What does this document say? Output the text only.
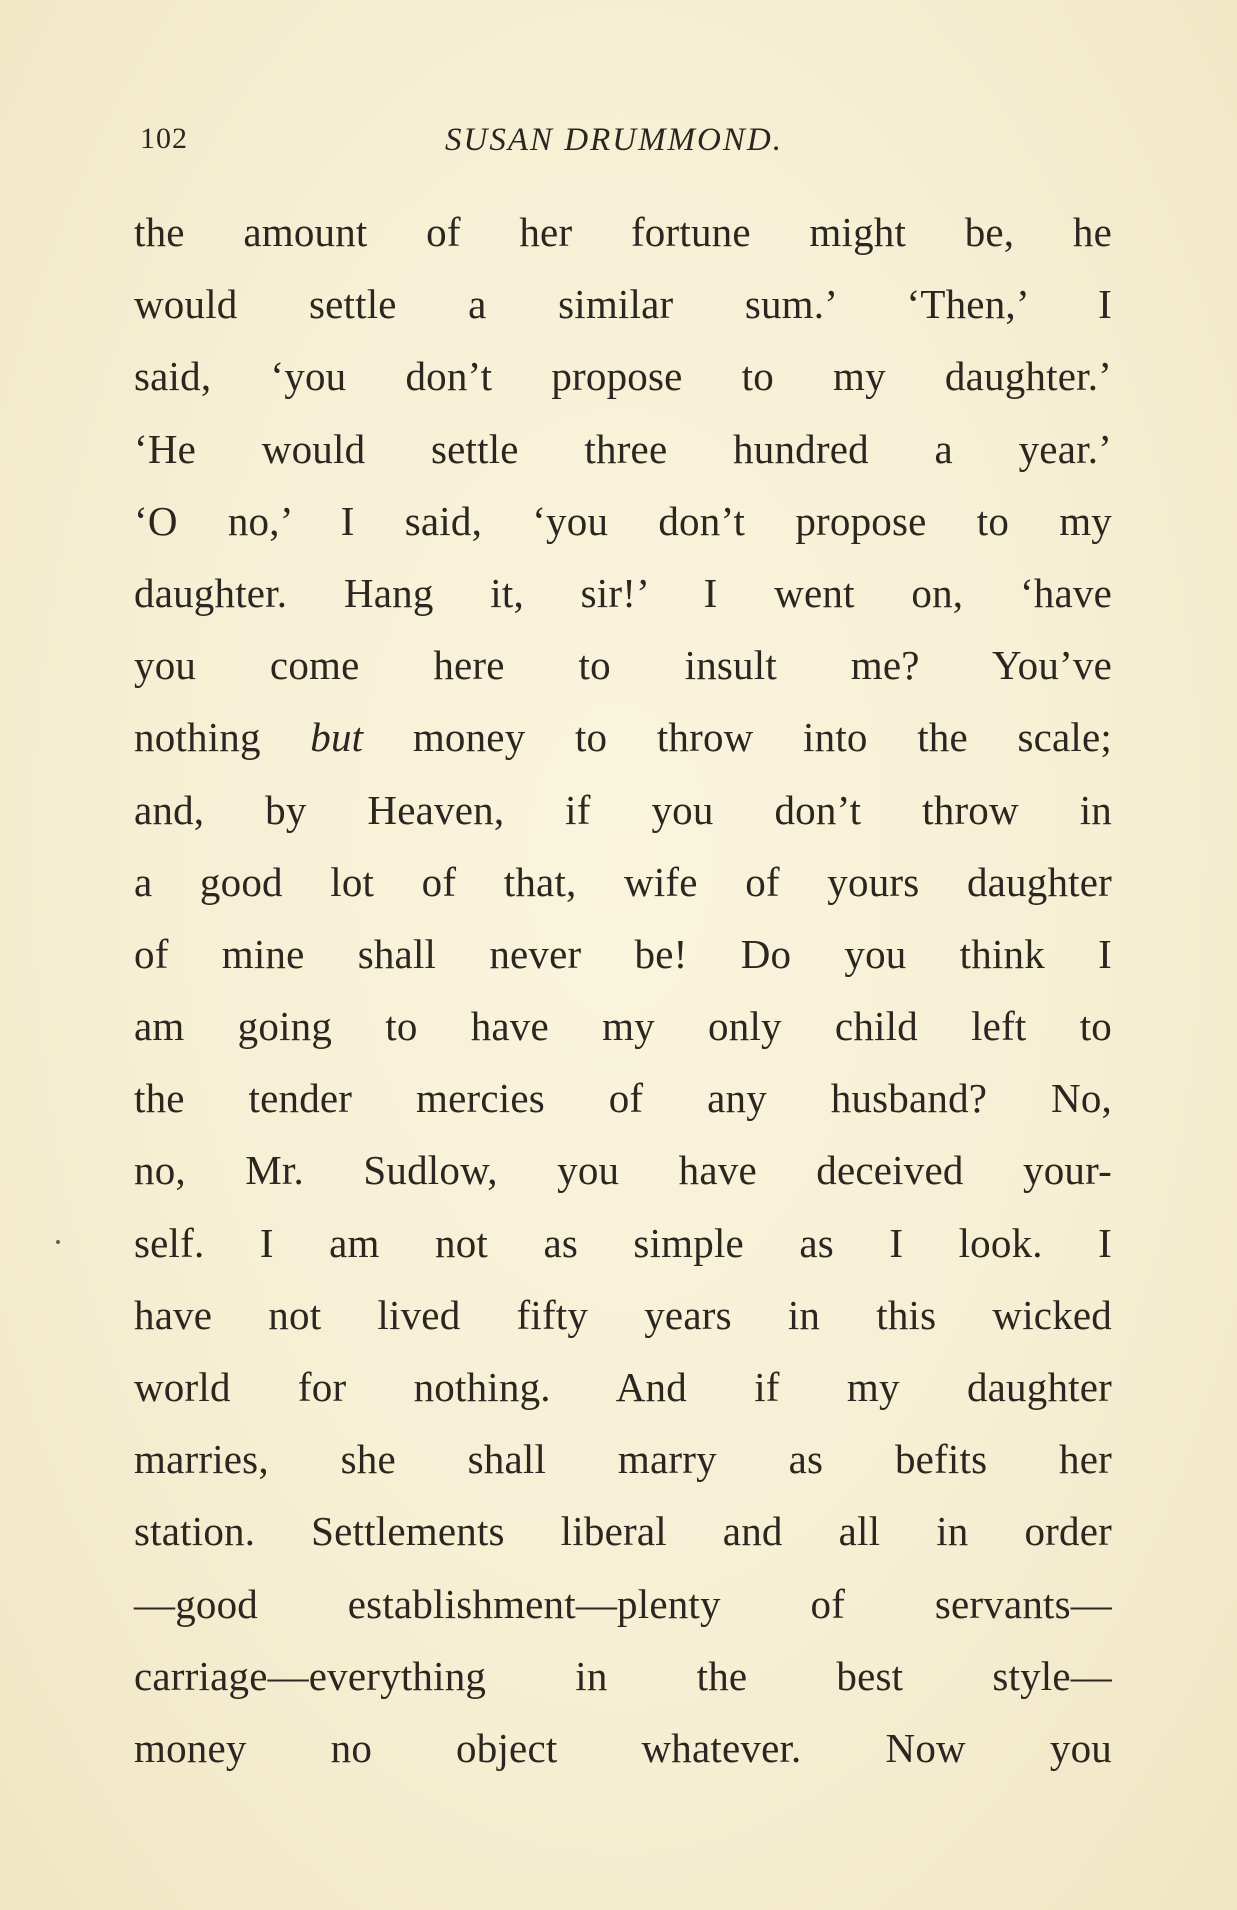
102	SUSAN DRUMMOND.
the amount of her fortune might be, he
would settle a similar sum.’ ‘Then,’ I
said, ‘you don’t propose to my daughter.’
‘He would settle three hundred a year.’
‘O no,’ I said, ‘you don’t propose to my
daughter. Hang it, sir!’ I went on, ‘have
you come here to insult me? You’ve
nothing but money to throw into the scale;
and, by Heaven, if you don’t throw in
a good lot of that, wife of yours daughter
of mine shall never be! Do you think I
am going to have my only child left to
the tender mercies of any husband? No,
no, Mr. Sudlow, you have deceived your-
self. I am not as simple as I look. I
have not lived fifty years in this wicked
world for nothing. And if my daughter
marries, she shall marry as befits her
station. Settlements liberal and all in order
—good establishment—plenty of servants—
carriage—everything in the best style—
money no object whatever. Now you
